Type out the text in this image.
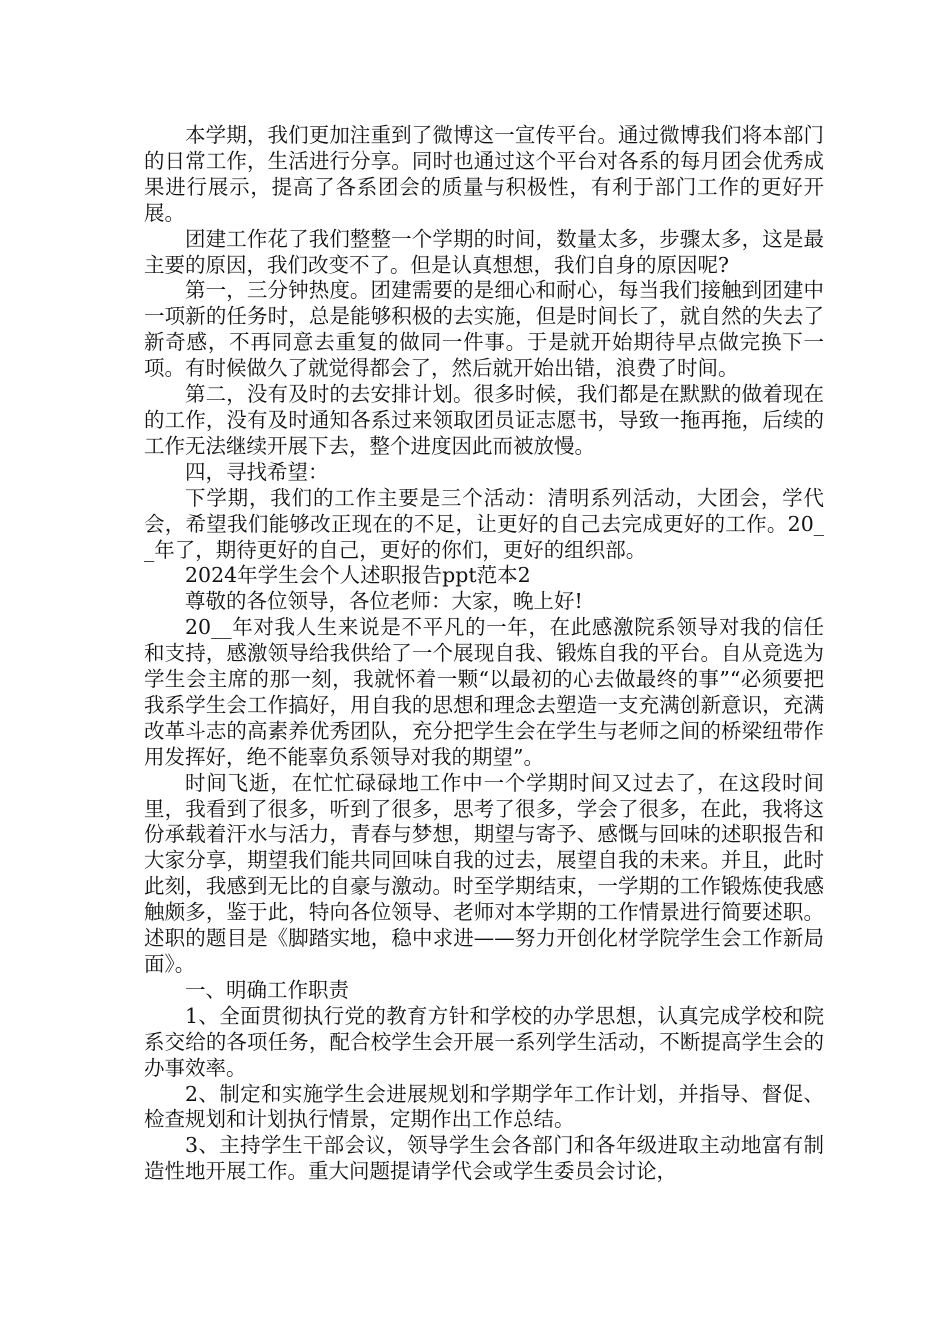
本学期，我们更加注重到了微博这一宣传平台。通过微博我们将本部门的日常工作，生活进行分享。同时也通过这个平台对各系的每月团会优秀成果进行展示，提高了各系团会的质量与积极性，有利于部门工作的更好开展。

团建工作花了我们整整一个学期的时间，数量太多，步骤太多，这是最主要的原因，我们改变不了。但是认真想想，我们自身的原因呢?

第一，三分钟热度。团建需要的是细心和耐心，每当我们接触到团建中一项新的任务时，总是能够积极的去实施，但是时间长了，就自然的失去了新奇感，不再同意去重复的做同一件事。于是就开始期待早点做完换下一项。有时候做久了就觉得都会了，然后就开始出错，浪费了时间。

第二，没有及时的去安排计划。很多时候，我们都是在默默的做着现在的工作，没有及时通知各系过来领取团员证志愿书，导致一拖再拖，后续的工作无法继续开展下去，整个进度因此而被放慢。

四，寻找希望：

下学期，我们的工作主要是三个活动：清明系列活动，大团会，学代会，希望我们能够改正现在的不足，让更好的自己去完成更好的工作。20__年了，期待更好的自己，更好的你们，更好的组织部。

2024年学生会个人述职报告ppt范本2

尊敬的各位领导，各位老师：大家，晚上好!

20__年对我人生来说是不平凡的一年，在此感激院系领导对我的信任和支持，感激领导给我供给了一个展现自我、锻炼自我的平台。自从竞选为学生会主席的那一刻，我就怀着一颗“以最初的心去做最终的事”“必须要把我系学生会工作搞好，用自我的思想和理念去塑造一支充满创新意识，充满改革斗志的高素养优秀团队，充分把学生会在学生与老师之间的桥梁纽带作用发挥好，绝不能辜负系领导对我的期望”。

时间飞逝，在忙忙碌碌地工作中一个学期时间又过去了，在这段时间里，我看到了很多，听到了很多，思考了很多，学会了很多，在此，我将这份承载着汗水与活力，青春与梦想，期望与寄予、感慨与回味的述职报告和大家分享，期望我们能共同回味自我的过去，展望自我的未来。并且，此时此刻，我感到无比的自豪与激动。时至学期结束，一学期的工作锻炼使我感触颇多，鉴于此，特向各位领导、老师对本学期的工作情景进行简要述职。述职的题目是《脚踏实地，稳中求进——努力开创化材学院学生会工作新局面》。

一、明确工作职责

1、全面贯彻执行党的教育方针和学校的办学思想，认真完成学校和院系交给的各项任务，配合校学生会开展一系列学生活动，不断提高学生会的办事效率。

2、制定和实施学生会进展规划和学期学年工作计划，并指导、督促、检查规划和计划执行情景，定期作出工作总结。

3、主持学生干部会议，领导学生会各部门和各年级进取主动地富有制造性地开展工作。重大问题提请学代会或学生委员会讨论，
